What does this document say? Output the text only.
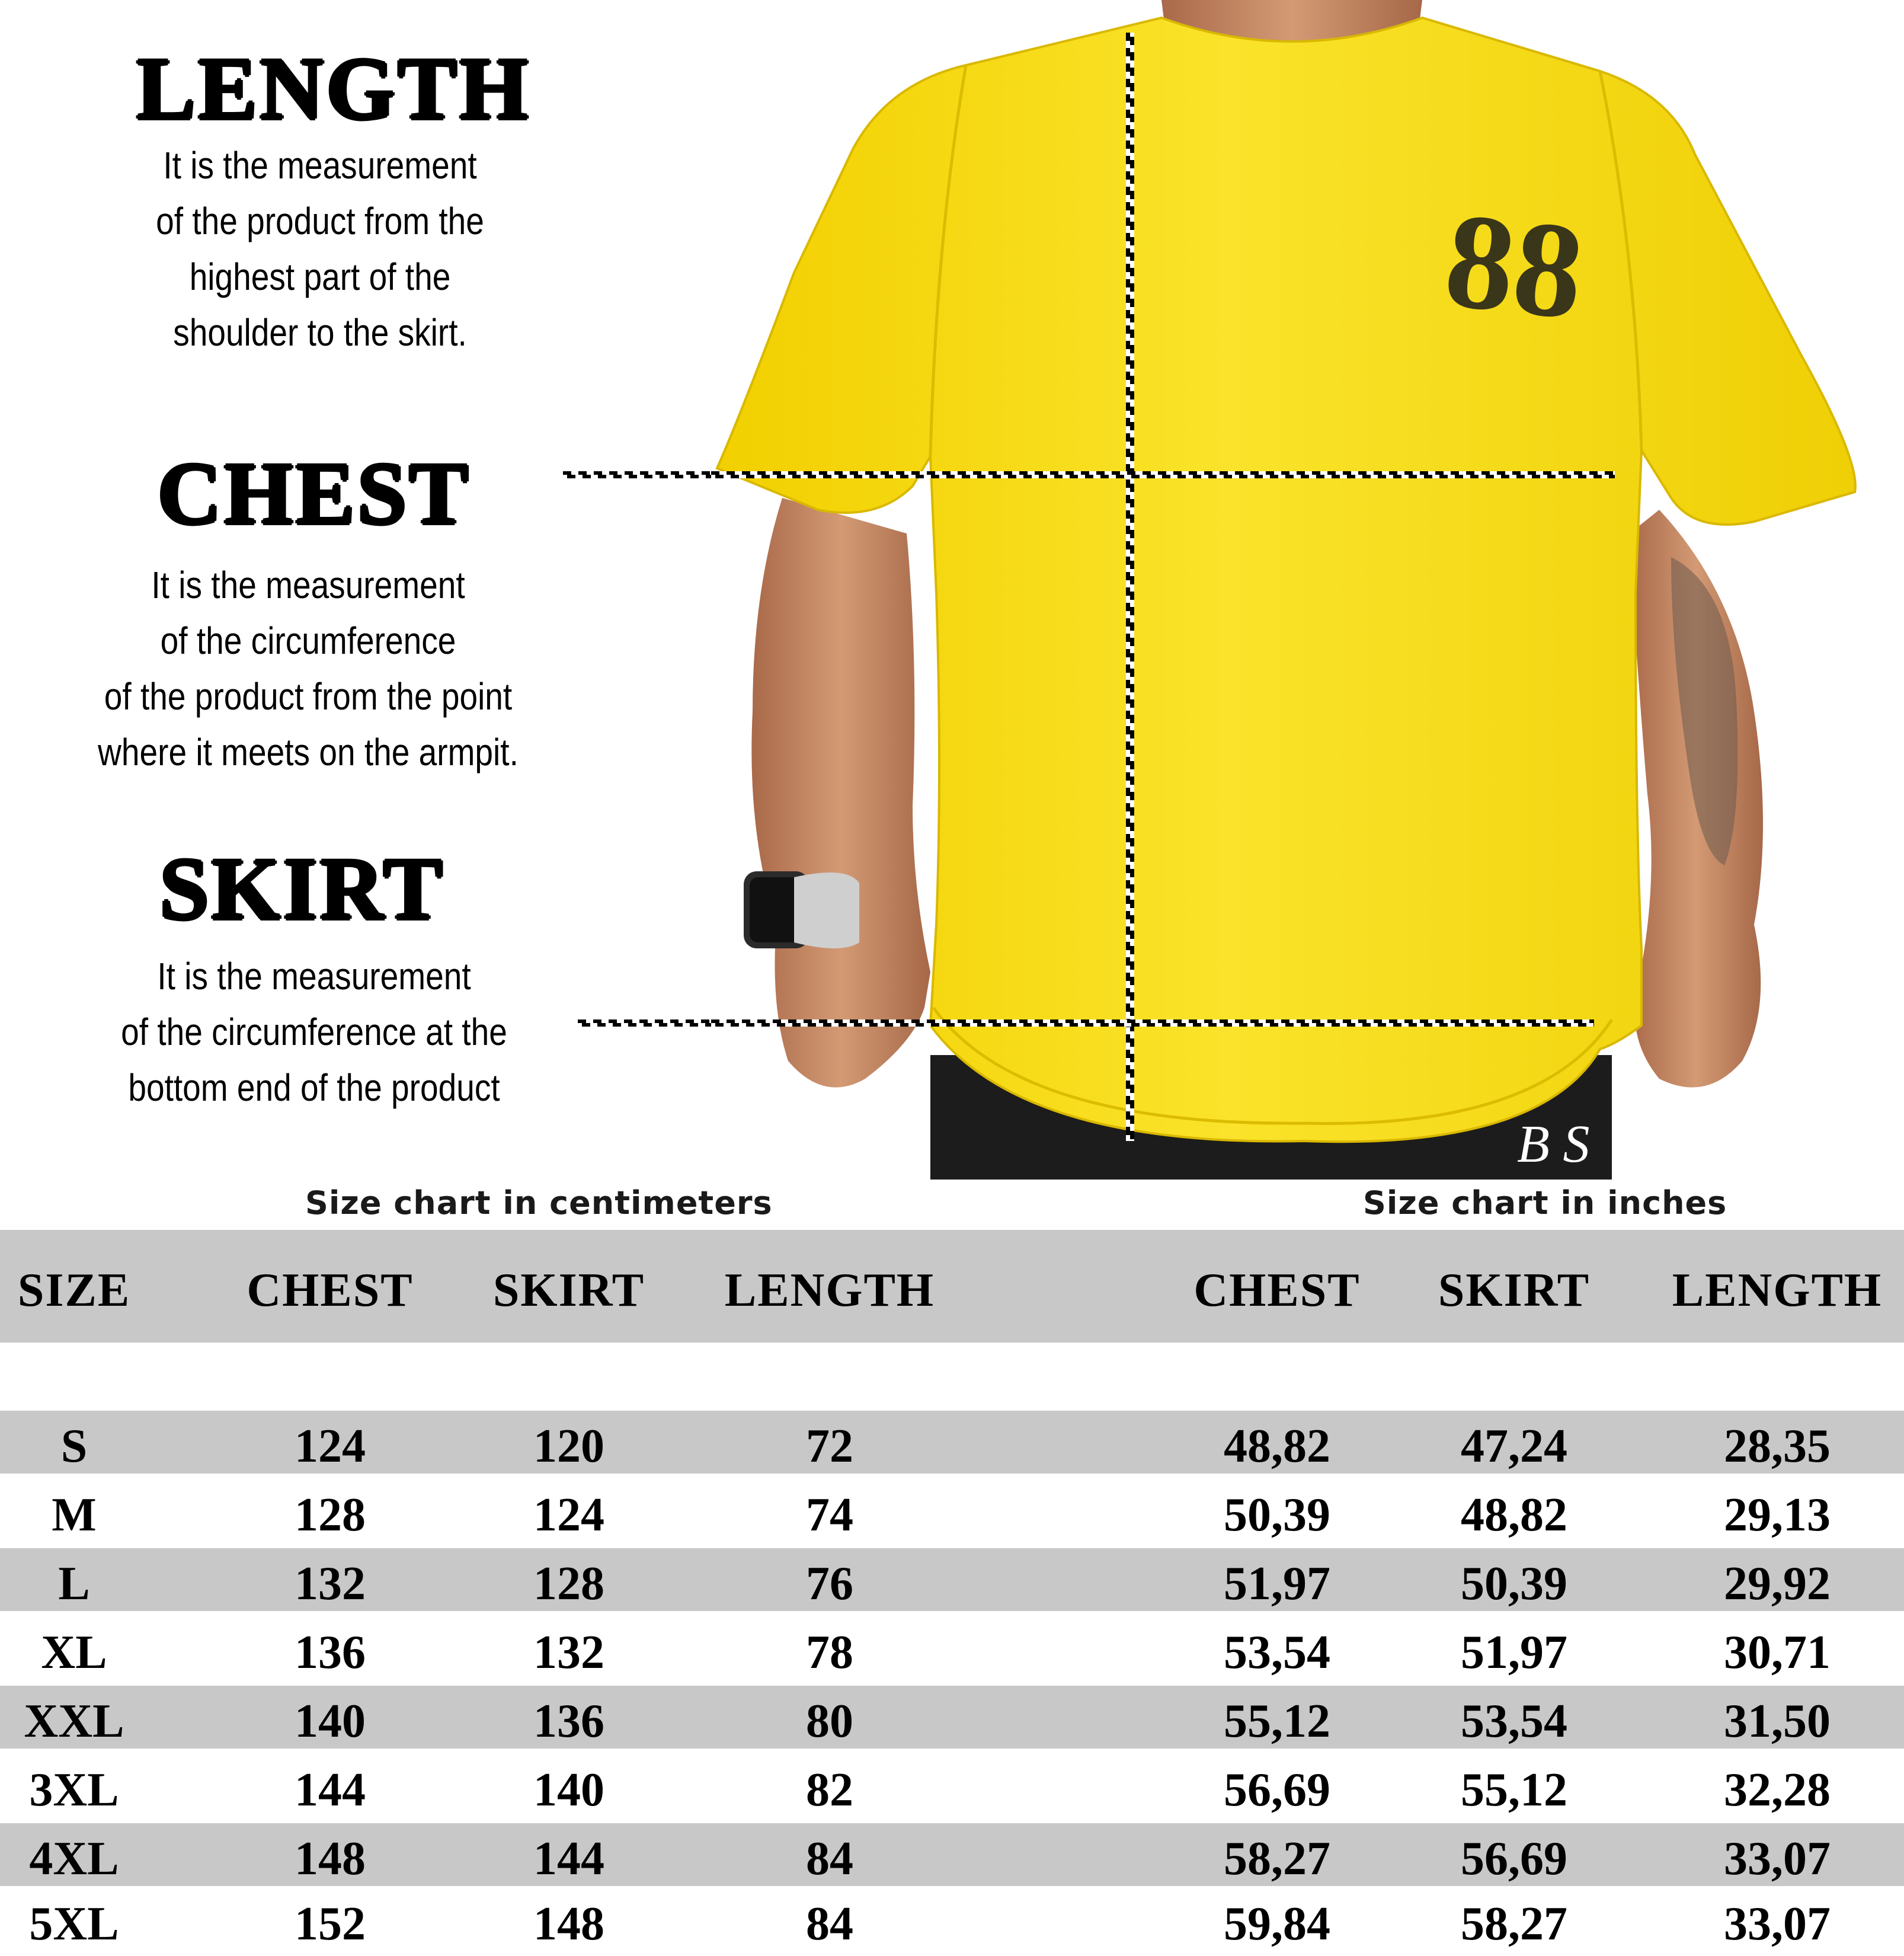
LENGTH
It is the measurement
of the product from the
highest part of the
shoulder to the skirt.
CHEST
It is the measurement
of the circumference
of the product from the point
where it meets on the armpit.
SKIRT
It is the measurement
of the circumference at the
bottom end of the product
88
B S
Size chart in centimeters	Size chart in inches
SIZE CHEST SKIRT LENGTH	CHEST SKIRT LENGTH
S	124	120	72	48,82	47,24	28,35
M	128	124	74	50,39	48,82	29,13
L	132	128	76	51,97	50,39	29,92
XL	136	132	78	53,54	51,97	30,71
XXL	140	136	80	55,12	53,54	31,50
3XL	144	140	82	56,69	55,12	32,28
4XL	148	144	84	58,27	56,69	33,07
5XL	152	148	84	59,84	58,27	33,07
